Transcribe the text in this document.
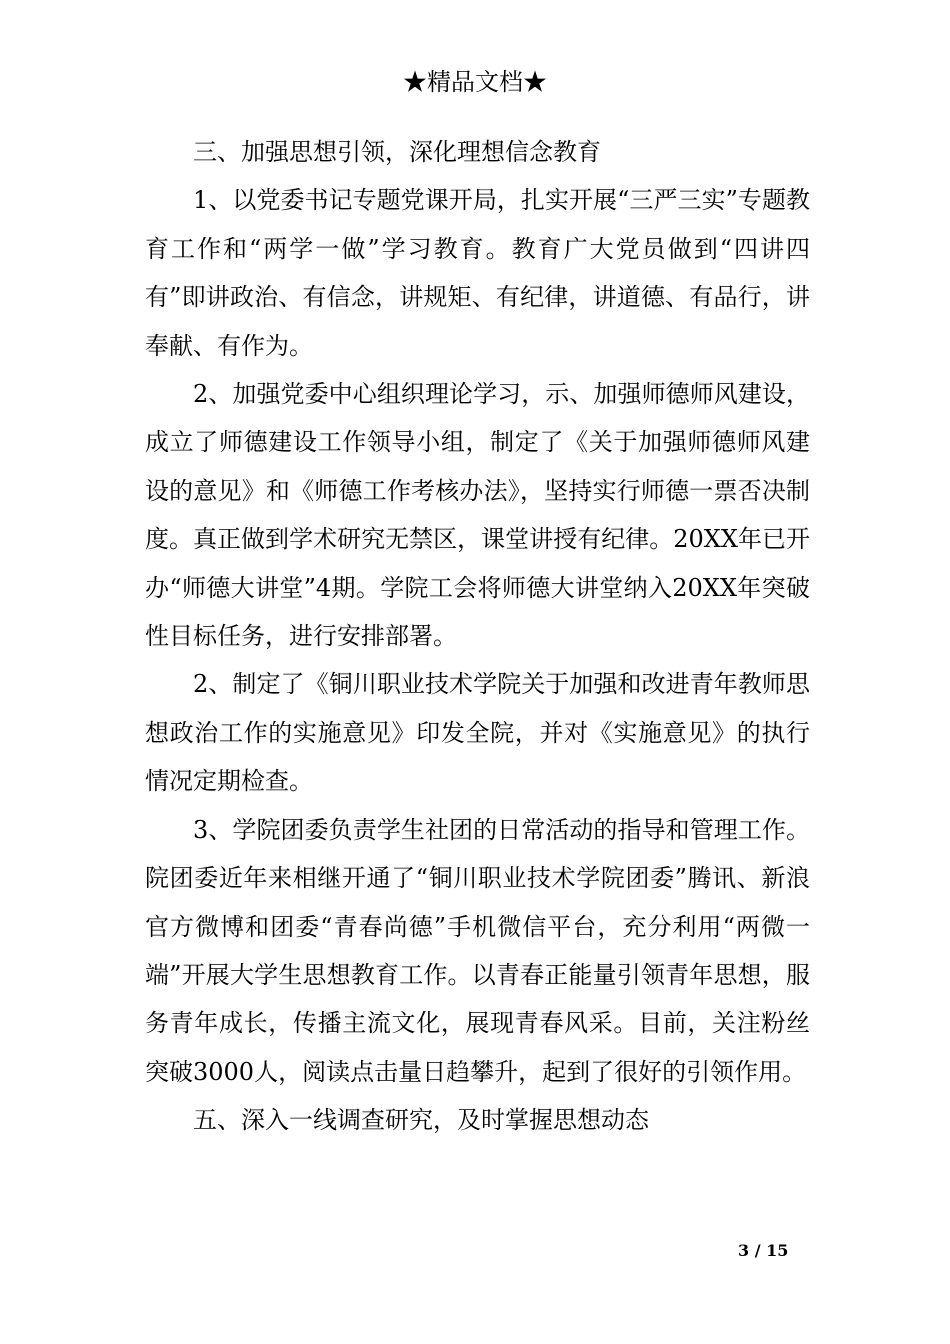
★精品文档★

三、加强思想引领，深化理想信念教育

1、以党委书记专题党课开局，扎实开展“三严三实”专题教育工作和“两学一做”学习教育。教育广大党员做到“四讲四有”即讲政治、有信念，讲规矩、有纪律，讲道德、有品行，讲奉献、有作为。

2、加强党委中心组织理论学习，示、加强师德师风建设，成立了师德建设工作领导小组，制定了《关于加强师德师风建设的意见》和《师德工作考核办法》，坚持实行师德一票否决制度。真正做到学术研究无禁区，课堂讲授有纪律。20XX年已开办“师德大讲堂”4期。学院工会将师德大讲堂纳入20XX年突破性目标任务，进行安排部署。

2、制定了《铜川职业技术学院关于加强和改进青年教师思想政治工作的实施意见》印发全院，并对《实施意见》的执行情况定期检查。

3、学院团委负责学生社团的日常活动的指导和管理工作。院团委近年来相继开通了“铜川职业技术学院团委”腾讯、新浪官方微博和团委“青春尚德”手机微信平台，充分利用“两微一端”开展大学生思想教育工作。以青春正能量引领青年思想，服务青年成长，传播主流文化，展现青春风采。目前，关注粉丝突破3000人，阅读点击量日趋攀升，起到了很好的引领作用。

五、深入一线调查研究，及时掌握思想动态

3 / 15
